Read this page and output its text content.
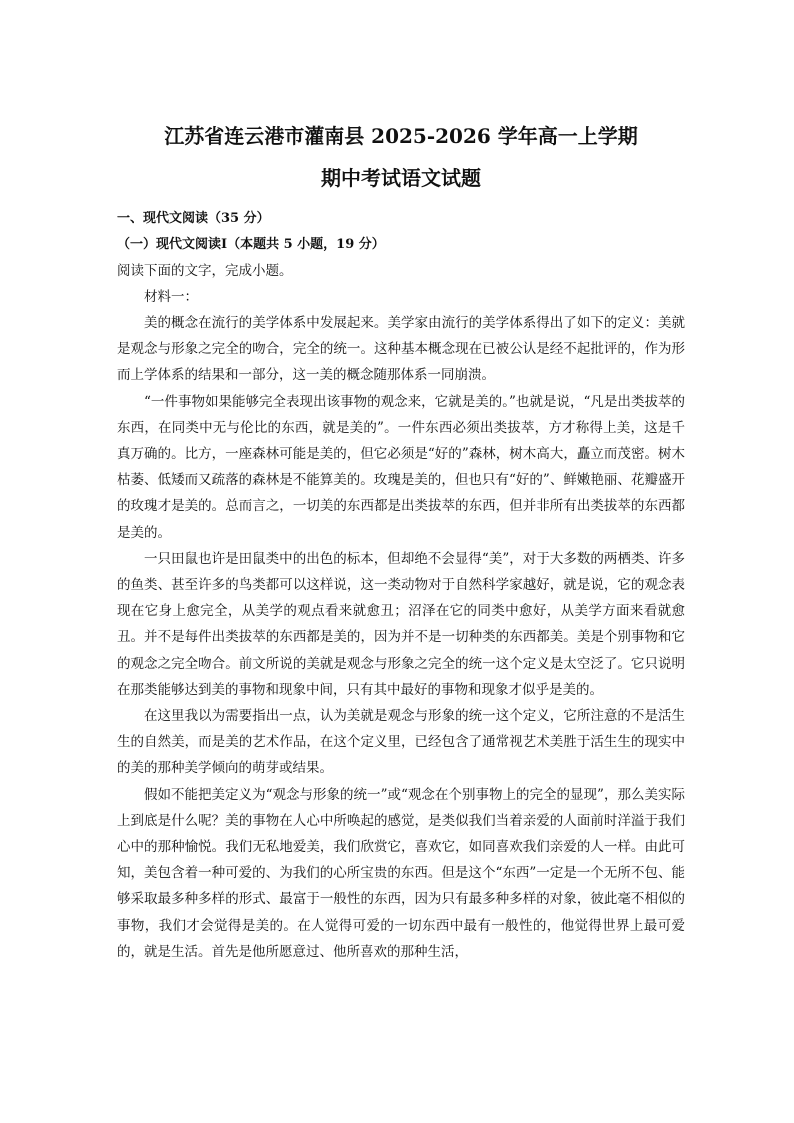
江苏省连云港市灌南县 2025-2026 学年高一上学期
期中考试语文试题

一、现代文阅读（35 分）

（一）现代文阅读Ⅰ（本题共 5 小题，19 分）

阅读下面的文字，完成小题。

材料一：

美的概念在流行的美学体系中发展起来。美学家由流行的美学体系得出了如下的定义：美就是观念与形象之完全的吻合，完全的统一。这种基本概念现在已被公认是经不起批评的，作为形而上学体系的结果和一部分，这一美的概念随那体系一同崩溃。

“一件事物如果能够完全表现出该事物的观念来，它就是美的。”也就是说，“凡是出类拔萃的东西，在同类中无与伦比的东西，就是美的”。一件东西必须出类拔萃，方才称得上美，这是千真万确的。比方，一座森林可能是美的，但它必须是“好的”森林，树木高大，矗立而茂密。树木枯萎、低矮而又疏落的森林是不能算美的。玫瑰是美的，但也只有“好的”、鲜嫩艳丽、花瓣盛开的玫瑰才是美的。总而言之，一切美的东西都是出类拔萃的东西，但并非所有出类拔萃的东西都是美的。

一只田鼠也许是田鼠类中的出色的标本，但却绝不会显得“美”，对于大多数的两栖类、许多的鱼类、甚至许多的鸟类都可以这样说，这一类动物对于自然科学家越好，就是说，它的观念表现在它身上愈完全，从美学的观点看来就愈丑；沼泽在它的同类中愈好，从美学方面来看就愈丑。并不是每件出类拔萃的东西都是美的，因为并不是一切种类的东西都美。美是个别事物和它的观念之完全吻合。前文所说的美就是观念与形象之完全的统一这个定义是太空泛了。它只说明在那类能够达到美的事物和现象中间，只有其中最好的事物和现象才似乎是美的。

在这里我以为需要指出一点，认为美就是观念与形象的统一这个定义，它所注意的不是活生生的自然美，而是美的艺术作品，在这个定义里，已经包含了通常视艺术美胜于活生生的现实中的美的那种美学倾向的萌芽或结果。

假如不能把美定义为“观念与形象的统一”或“观念在个别事物上的完全的显现”，那么美实际上到底是什么呢？美的事物在人心中所唤起的感觉，是类似我们当着亲爱的人面前时洋溢于我们心中的那种愉悦。我们无私地爱美，我们欣赏它，喜欢它，如同喜欢我们亲爱的人一样。由此可知，美包含着一种可爱的、为我们的心所宝贵的东西。但是这个“东西”一定是一个无所不包、能够采取最多种多样的形式、最富于一般性的东西，因为只有最多种多样的对象，彼此毫不相似的事物，我们才会觉得是美的。在人觉得可爱的一切东西中最有一般性的，他觉得世界上最可爱的，就是生活。首先是他所愿意过、他所喜欢的那种生活，
